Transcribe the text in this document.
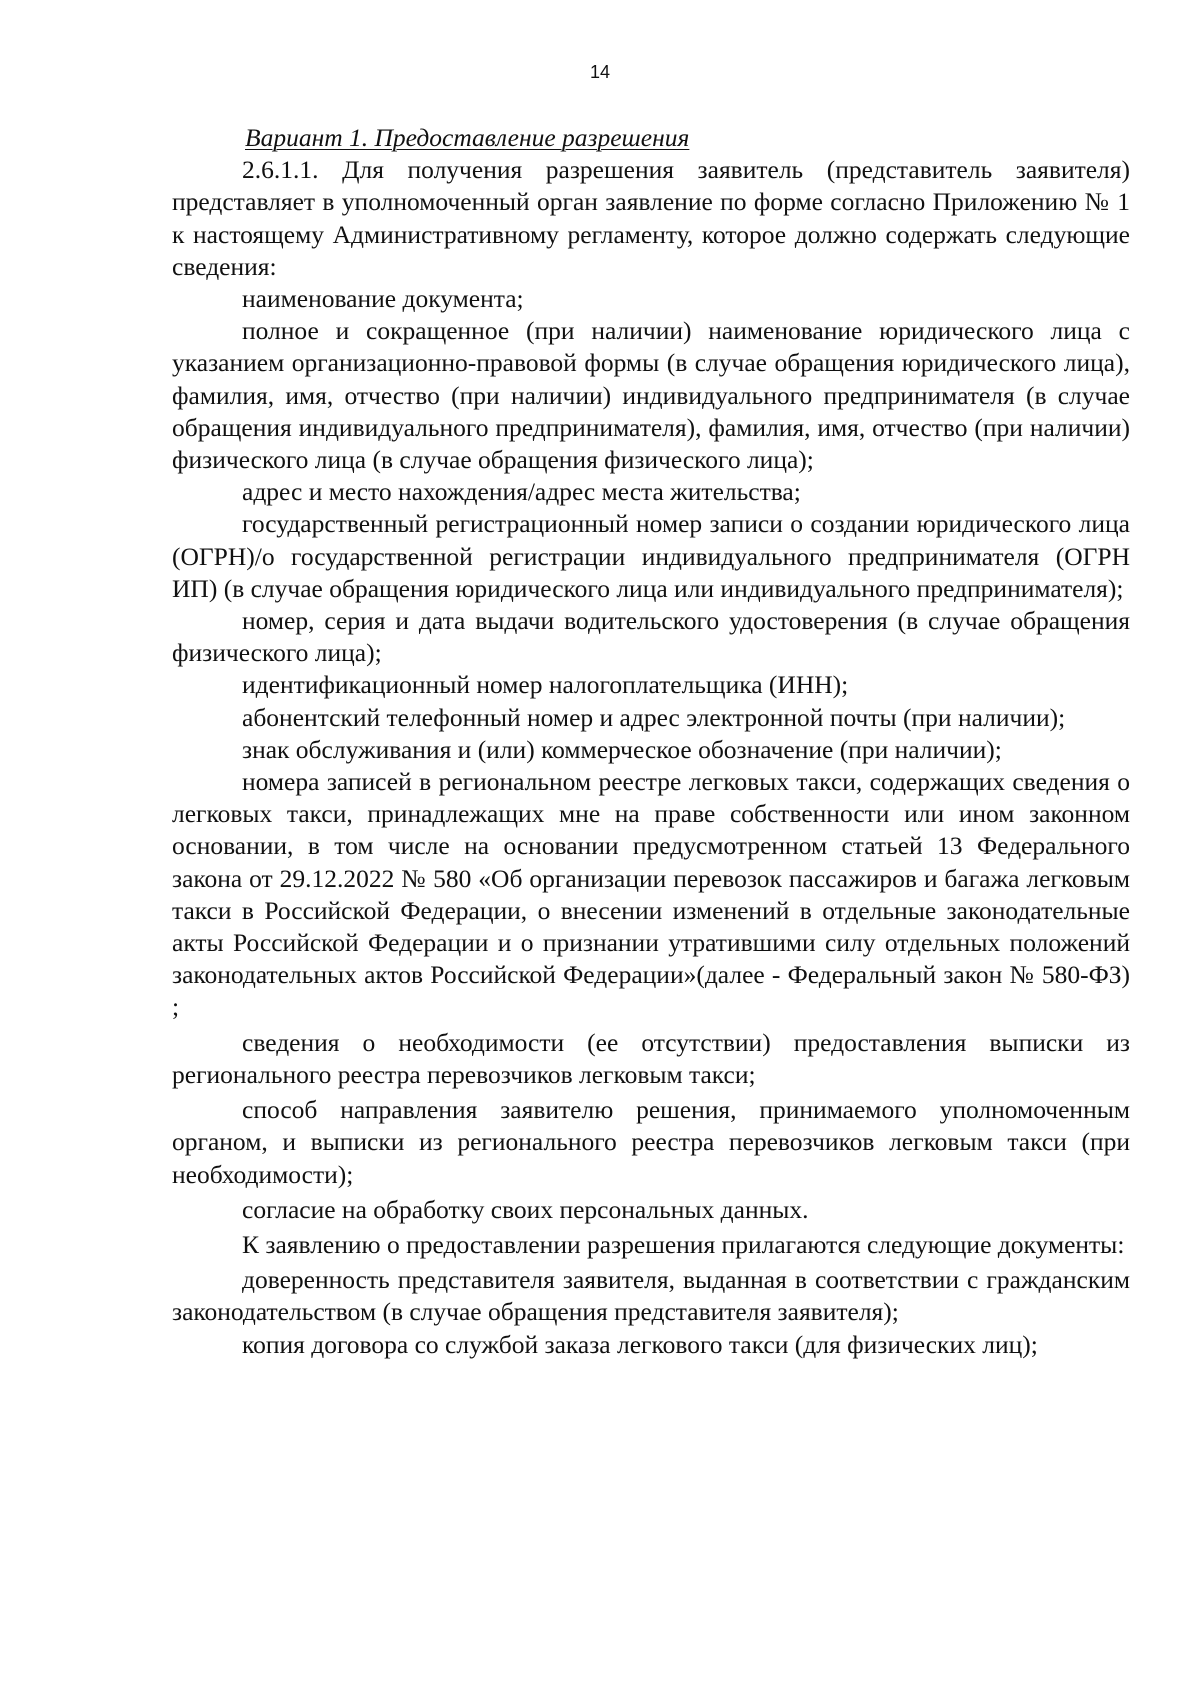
14

Вариант 1. Предоставление разрешения

2.6.1.1. Для получения разрешения заявитель (представитель заявителя) представляет в уполномоченный орган заявление по форме согласно Приложению № 1 к настоящему Административному регламенту, которое должно содержать следующие сведения:

наименование документа;

полное и сокращенное (при наличии) наименование юридического лица с указанием организационно-правовой формы (в случае обращения юридического лица), фамилия, имя, отчество (при наличии) индивидуального предпринимателя (в случае обращения индивидуального предпринимателя), фамилия, имя, отчество (при наличии) физического лица (в случае обращения физического лица);

адрес и место нахождения/адрес места жительства;

государственный регистрационный номер записи о создании юридического лица (ОГРН)/о государственной регистрации индивидуального предпринимателя (ОГРН ИП) (в случае обращения юридического лица или индивидуального предпринимателя);

номер, серия и дата выдачи водительского удостоверения (в случае обращения физического лица);

идентификационный номер налогоплательщика (ИНН);

абонентский телефонный номер и адрес электронной почты (при наличии);

знак обслуживания и (или) коммерческое обозначение (при наличии);

номера записей в региональном реестре легковых такси, содержащих сведения о легковых такси, принадлежащих мне на праве собственности или ином законном основании, в том числе на основании предусмотренном статьей 13 Федерального закона от 29.12.2022 № 580 «Об организации перевозок пассажиров и багажа легковым такси в Российской Федерации, о внесении изменений в отдельные законодательные акты Российской Федерации и о признании утратившими силу отдельных положений законодательных актов Российской Федерации»(далее - Федеральный закон № 580-ФЗ) ;

сведения о необходимости (ее отсутствии) предоставления выписки из регионального реестра перевозчиков легковым такси;

способ направления заявителю решения, принимаемого уполномоченным органом, и выписки из регионального реестра перевозчиков легковым такси (при необходимости);

согласие на обработку своих персональных данных.

К заявлению о предоставлении разрешения прилагаются следующие документы:

доверенность представителя заявителя, выданная в соответствии с гражданским законодательством (в случае обращения представителя заявителя);

копия договора со службой заказа легкового такси (для физических лиц);
